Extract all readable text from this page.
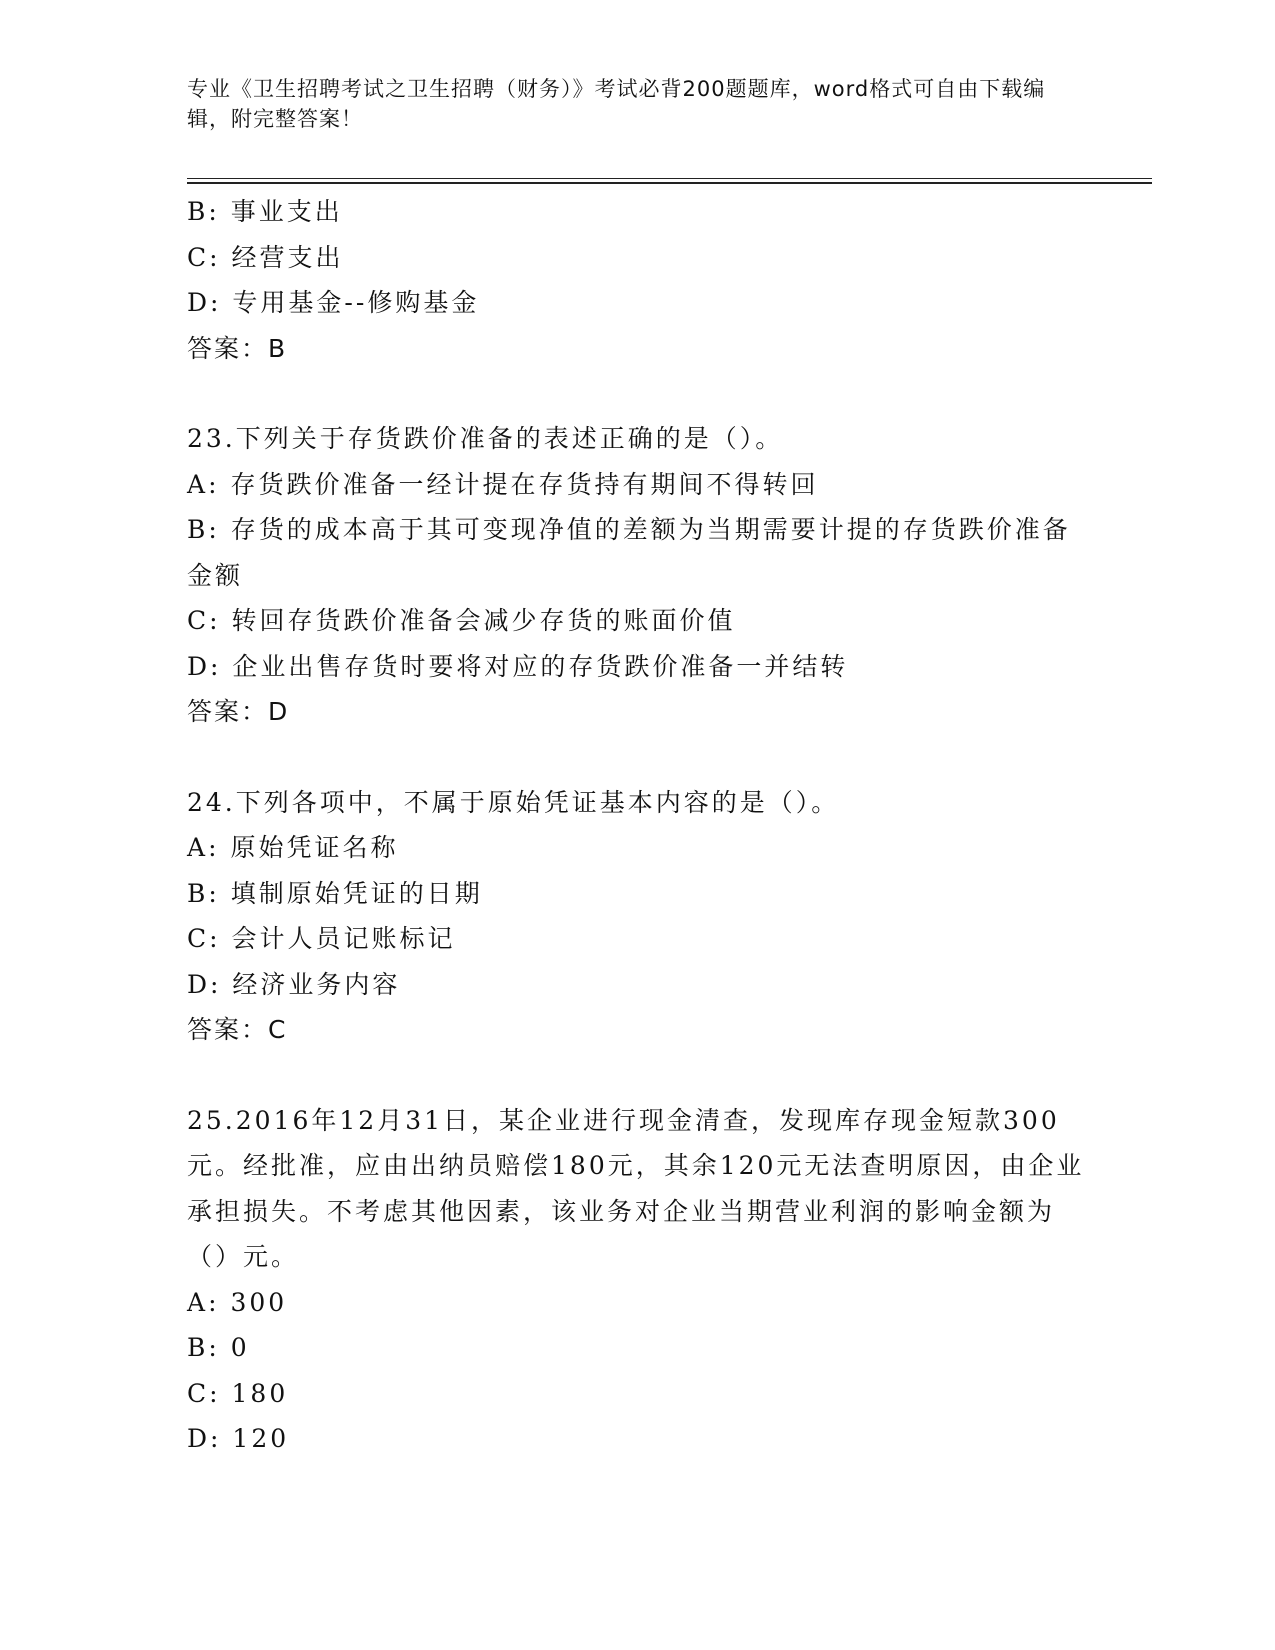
专业《卫生招聘考试之卫生招聘（财务）》考试必背200题题库，word格式可自由下载编辑，附完整答案！
B : 事业支出
C : 经营支出
D : 专用基金--修购基金
答案：B
23.下列关于存货跌价准备的表述正确的是（）。
A : 存货跌价准备一经计提在存货持有期间不得转回
B: 存货的成本高于其可变现净值的差额为当期需要计提的存货跌价准备金额
C : 转回存货跌价准备会减少存货的账面价值
D : 企业出售存货时要将对应的存货跌价准备一并结转
答案：D
24.下列各项中，不属于原始凭证基本内容的是（）。
A : 原始凭证名称
B : 填制原始凭证的日期
C : 会计人员记账标记
D : 经济业务内容
答案：C
25.2016年12月31日，某企业进行现金清查，发现库存现金短款300元。经批准，应由出纳员赔偿180元，其余120元无法查明原因，由企业承担损失。不考虑其他因素，该业务对企业当期营业利润的影响金额为（）元。
A : 300
B : 0
C : 180
D : 120
